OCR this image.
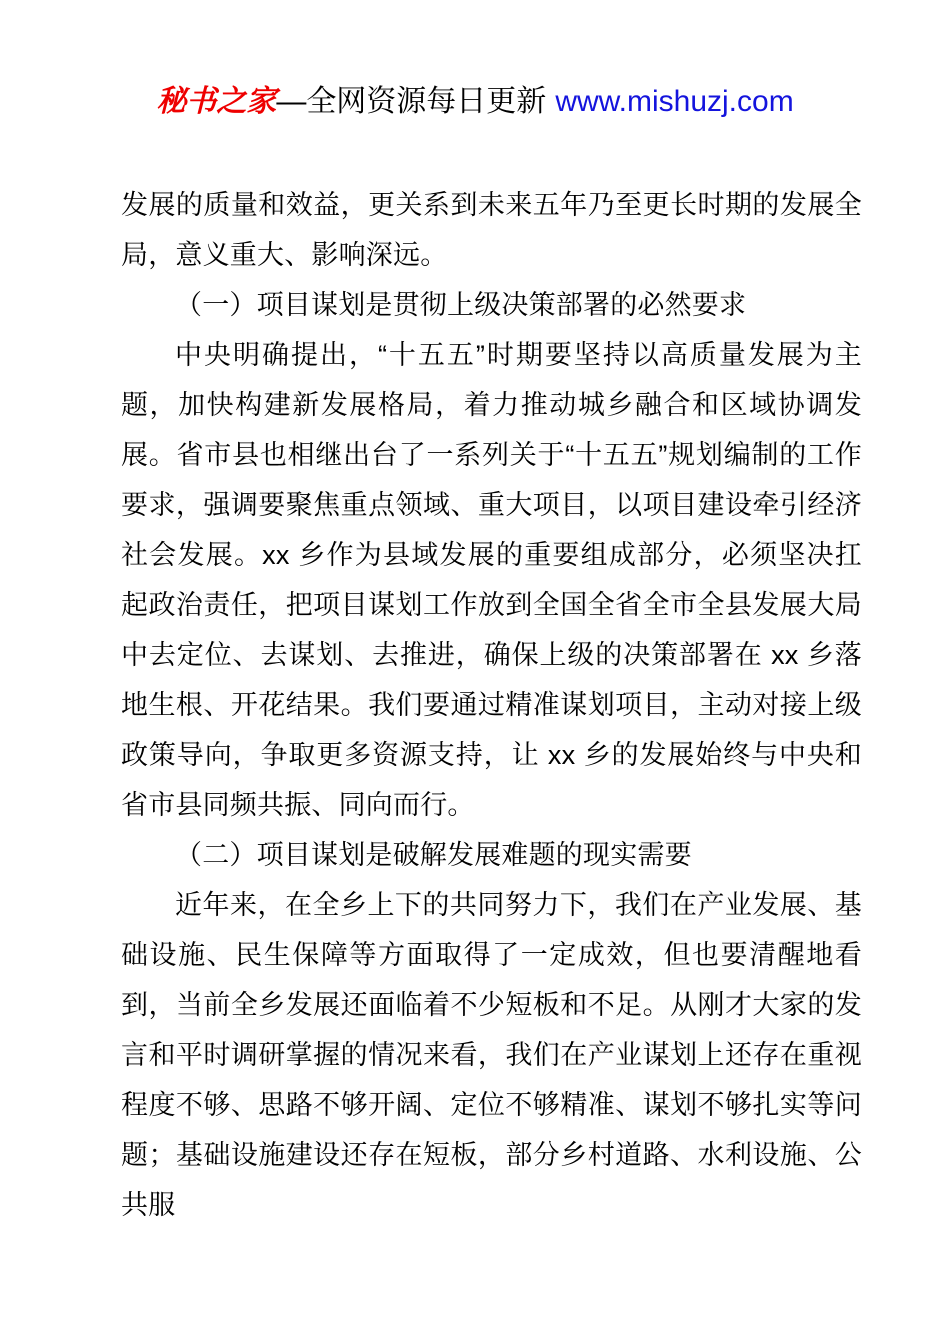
秘书之家—全网资源每日更新 www.mishuzj.com

发展的质量和效益，更关系到未来五年乃至更长时期的发展全局，意义重大、影响深远。

（一）项目谋划是贯彻上级决策部署的必然要求

中央明确提出，“十五五”时期要坚持以高质量发展为主题，加快构建新发展格局，着力推动城乡融合和区域协调发展。省市县也相继出台了一系列关于“十五五”规划编制的工作要求，强调要聚焦重点领域、重大项目，以项目建设牵引经济社会发展。xx 乡作为县域发展的重要组成部分，必须坚决扛起政治责任，把项目谋划工作放到全国全省全市全县发展大局中去定位、去谋划、去推进，确保上级的决策部署在 xx 乡落地生根、开花结果。我们要通过精准谋划项目，主动对接上级政策导向，争取更多资源支持，让 xx 乡的发展始终与中央和省市县同频共振、同向而行。

（二）项目谋划是破解发展难题的现实需要

近年来，在全乡上下的共同努力下，我们在产业发展、基础设施、民生保障等方面取得了一定成效，但也要清醒地看到，当前全乡发展还面临着不少短板和不足。从刚才大家的发言和平时调研掌握的情况来看，我们在产业谋划上还存在重视程度不够、思路不够开阔、定位不够精准、谋划不够扎实等问题；基础设施建设还存在短板，部分乡村道路、水利设施、公共服
